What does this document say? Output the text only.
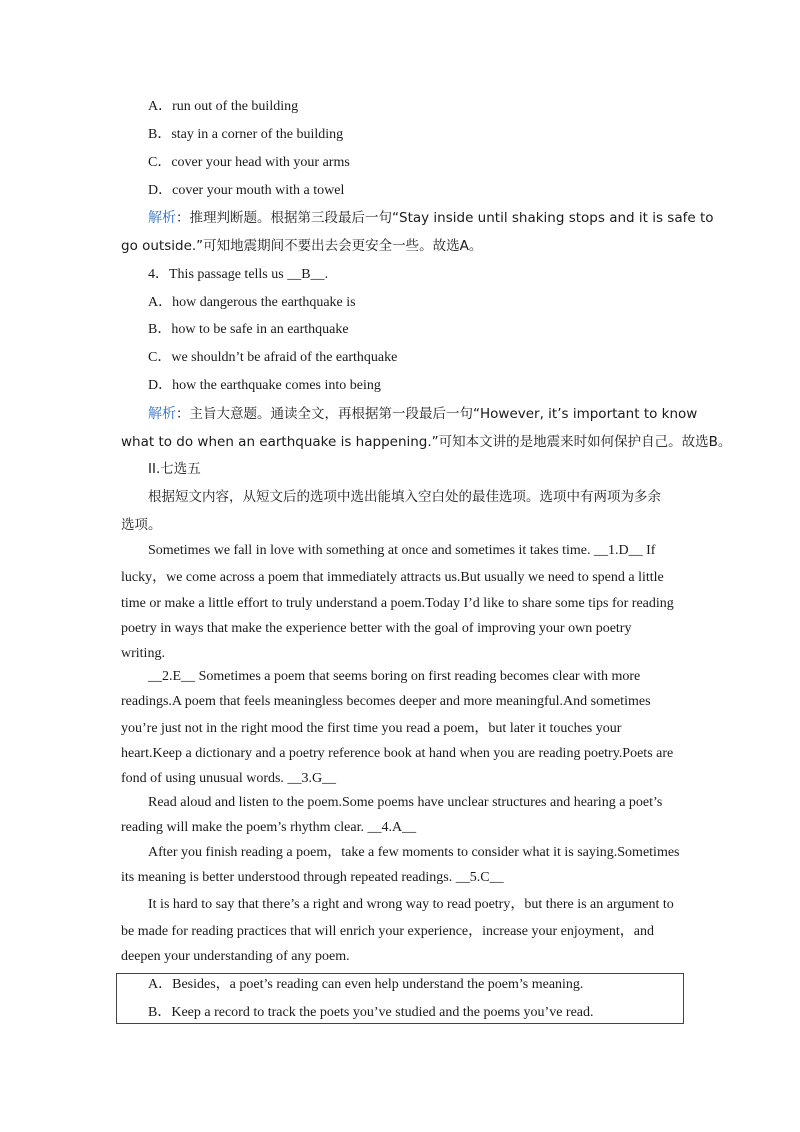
A．run out of the building
B．stay in a corner of the building
C．cover your head with your arms
D．cover your mouth with a towel
解析：推理判断题。根据第三段最后一句“Stay inside until shaking stops and it is safe to
go outside.”可知地震期间不要出去会更安全一些。故选A。
4．This passage tells us __B__.
A．how dangerous the earthquake is
B．how to be safe in an earthquake
C．we shouldn’t be afraid of the earthquake
D．how the earthquake comes into being
解析：主旨大意题。通读全文，再根据第一段最后一句“However, it’s important to know
what to do when an earthquake is happening.”可知本文讲的是地震来时如何保护自己。故选B。
II.七选五
根据短文内容，从短文后的选项中选出能填入空白处的最佳选项。选项中有两项为多余
选项。
Sometimes we fall in love with something at once and sometimes it takes time. __1.D__ If
lucky，we come across a poem that immediately attracts us.But usually we need to spend a little
time or make a little effort to truly understand a poem.Today I’d like to share some tips for reading
poetry in ways that make the experience better with the goal of improving your own poetry
writing.
__2.E__ Sometimes a poem that seems boring on first reading becomes clear with more
readings.A poem that feels meaningless becomes deeper and more meaningful.And sometimes
you’re just not in the right mood the first time you read a poem，but later it touches your
heart.Keep a dictionary and a poetry reference book at hand when you are reading poetry.Poets are
fond of using unusual words. __3.G__
Read aloud and listen to the poem.Some poems have unclear structures and hearing a poet’s
reading will make the poem’s rhythm clear. __4.A__
After you finish reading a poem，take a few moments to consider what it is saying.Sometimes
its meaning is better understood through repeated readings. __5.C__
It is hard to say that there’s a right and wrong way to read poetry，but there is an argument to
be made for reading practices that will enrich your experience，increase your enjoyment，and
deepen your understanding of any poem.
A．Besides，a poet’s reading can even help understand the poem’s meaning.
B．Keep a record to track the poets you’ve studied and the poems you’ve read.
